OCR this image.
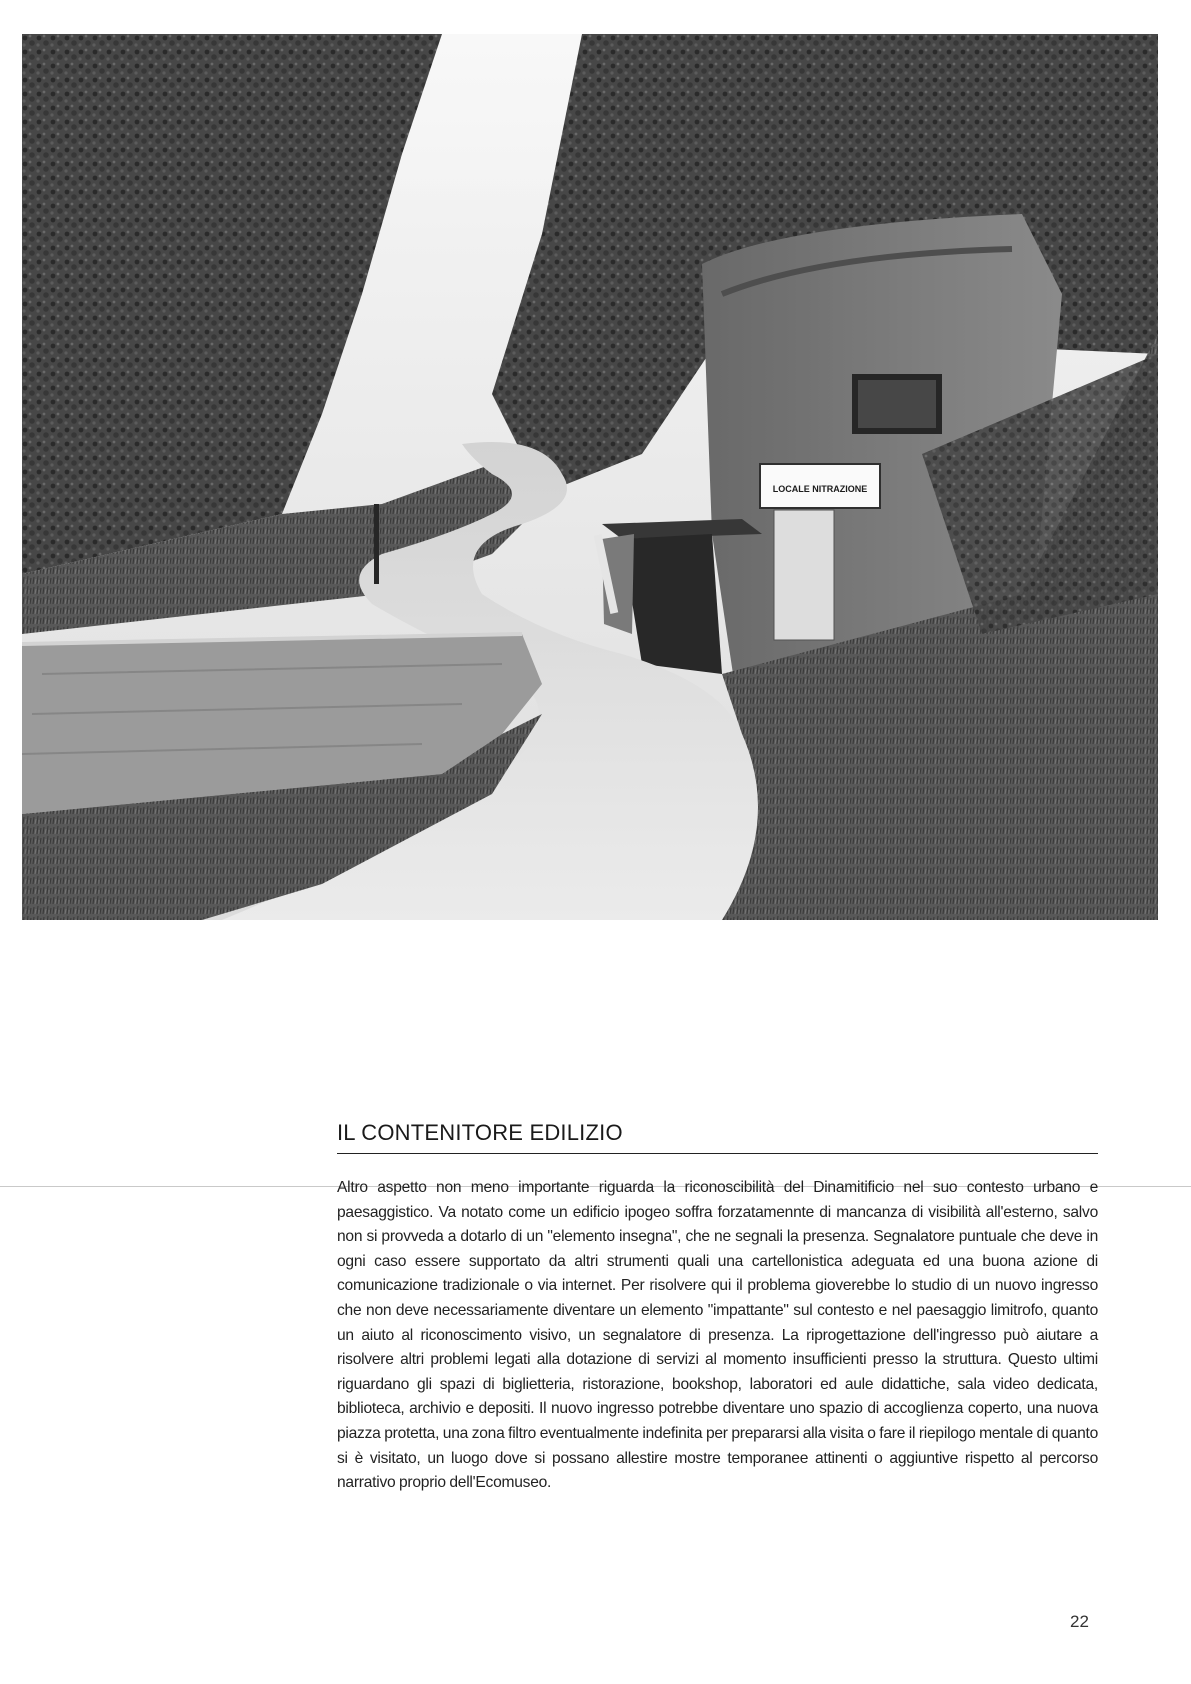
LOCALE NITRAZIONE
IL CONTENITORE EDILIZIO

Altro aspetto non meno importante riguarda la riconoscibilità del Dinamitificio nel suo contesto urbano e paesaggistico. Va notato come un edificio ipogeo soffra forzatamennte di mancanza di visibilità all'esterno, salvo non si provveda a dotarlo di un "elemento insegna", che ne segnali la presenza. Segnalatore puntuale che deve in ogni caso essere supportato da altri strumenti quali una cartellonistica adeguata ed una buona azione di comunicazione tradizionale o via internet. Per risolvere qui il problema gioverebbe lo studio di un nuovo ingresso che non deve necessariamente diventare un elemento "impattante" sul contesto e nel paesaggio limitrofo, quanto un aiuto al riconoscimento visivo, un segnalatore di presenza. La riprogettazione dell'ingresso può aiutare a risolvere altri problemi legati alla dotazione di servizi al momento insufficienti presso la struttura. Questo ultimi riguardano gli spazi di biglietteria, ristorazione, bookshop, laboratori ed aule didattiche, sala video dedicata, biblioteca, archivio e depositi. Il nuovo ingresso potrebbe diventare uno spazio di accoglienza coperto, una nuova piazza protetta, una zona filtro eventualmente indefinita per prepararsi alla visita o fare il riepilogo mentale di quanto si è visitato, un luogo dove si possano allestire mostre temporanee attinenti o aggiuntive rispetto al percorso narrativo proprio dell'Ecomuseo.

22
